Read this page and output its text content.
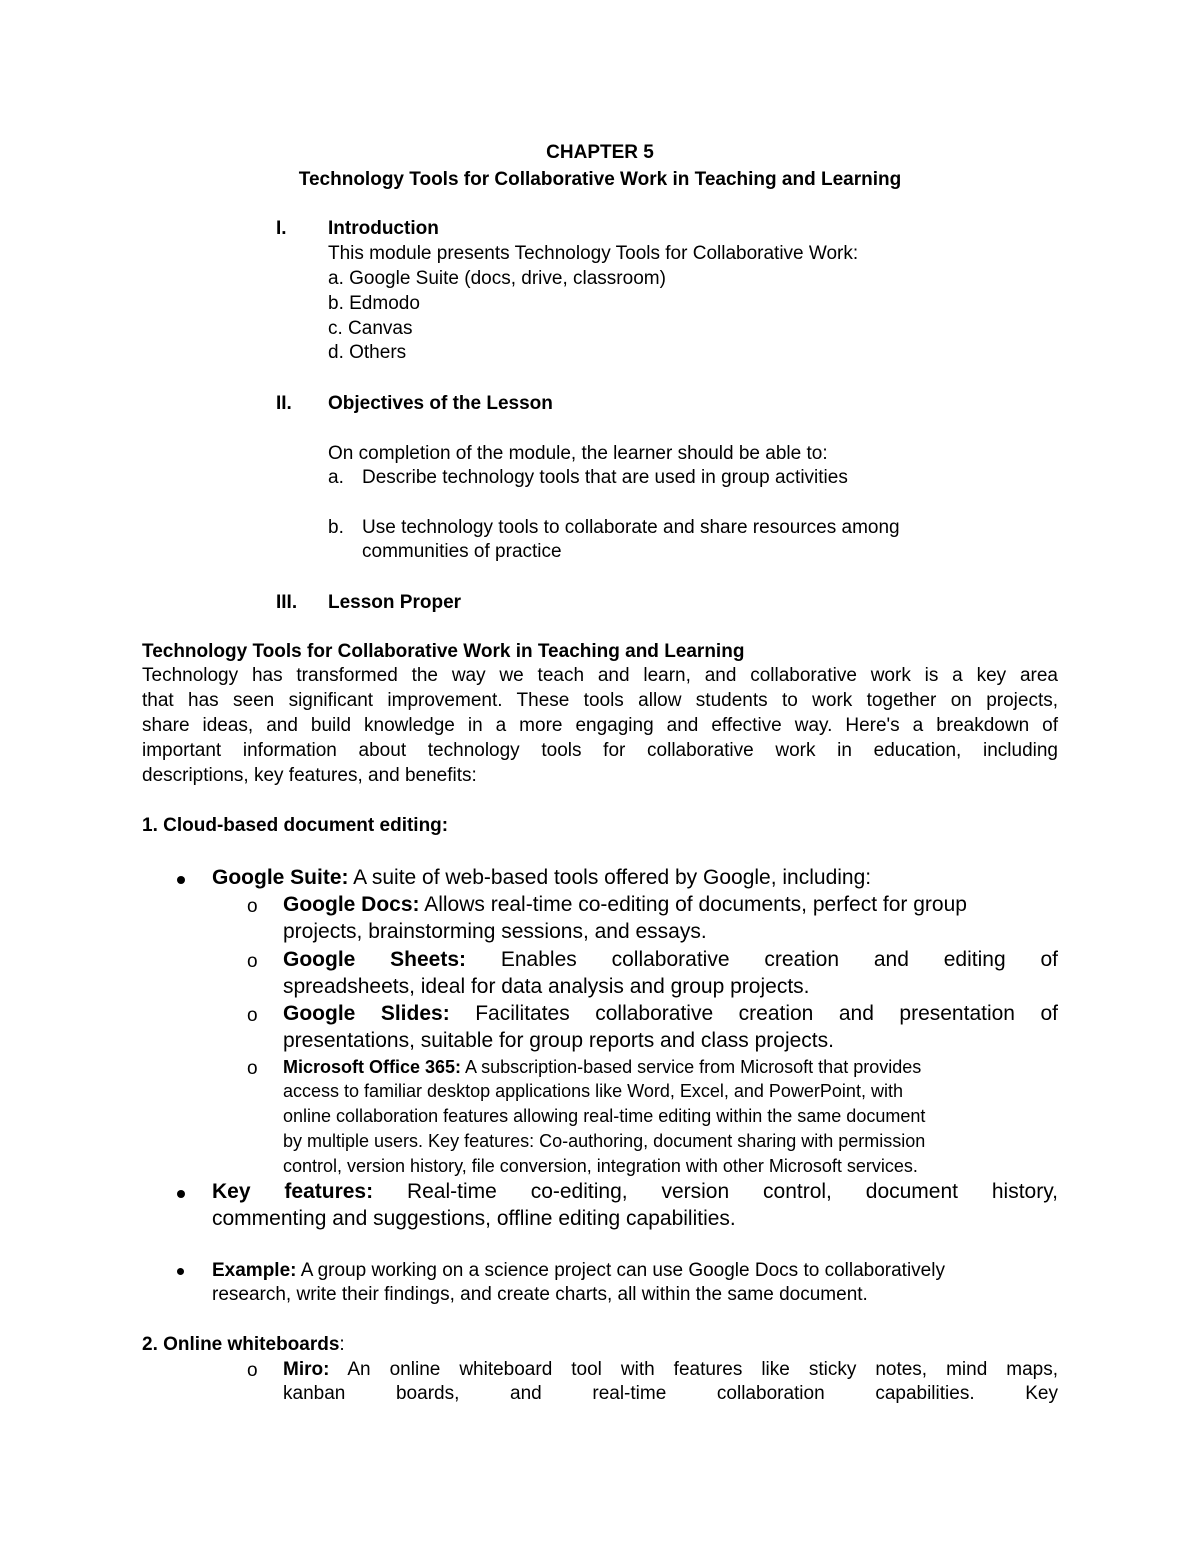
CHAPTER 5

Technology Tools for Collaborative Work in Teaching and Learning

I. Introduction

This module presents Technology Tools for Collaborative Work:

a. Google Suite (docs, drive, classroom)

b. Edmodo

c. Canvas

d. Others

II. Objectives of the Lesson

On completion of the module, the learner should be able to:

a. Describe technology tools that are used in group activities

b. Use technology tools to collaborate and share resources among

communities of practice

III. Lesson Proper

Technology Tools for Collaborative Work in Teaching and Learning

Technology has transformed the way we teach and learn, and collaborative work is a key area

that has seen significant improvement. These tools allow students to work together on projects,

share ideas, and build knowledge in a more engaging and effective way. Here's a breakdown of

important information about technology tools for collaborative work in education, including

descriptions, key features, and benefits:

1. Cloud-based document editing:

Google Suite: A suite of web-based tools offered by Google, including:

o Google Docs: Allows real-time co-editing of documents, perfect for group

projects, brainstorming sessions, and essays.

o Google Sheets: Enables collaborative creation and editing of

spreadsheets, ideal for data analysis and group projects.

o Google Slides: Facilitates collaborative creation and presentation of

presentations, suitable for group reports and class projects.

o Microsoft Office 365: A subscription-based service from Microsoft that provides

access to familiar desktop applications like Word, Excel, and PowerPoint, with

online collaboration features allowing real-time editing within the same document

by multiple users. Key features: Co-authoring, document sharing with permission

control, version history, file conversion, integration with other Microsoft services.

Key features: Real-time co-editing, version control, document history,

commenting and suggestions, offline editing capabilities.

Example: A group working on a science project can use Google Docs to collaboratively

research, write their findings, and create charts, all within the same document.

2. Online whiteboards:

o Miro: An online whiteboard tool with features like sticky notes, mind maps,

kanban boards, and real-time collaboration capabilities. Key
